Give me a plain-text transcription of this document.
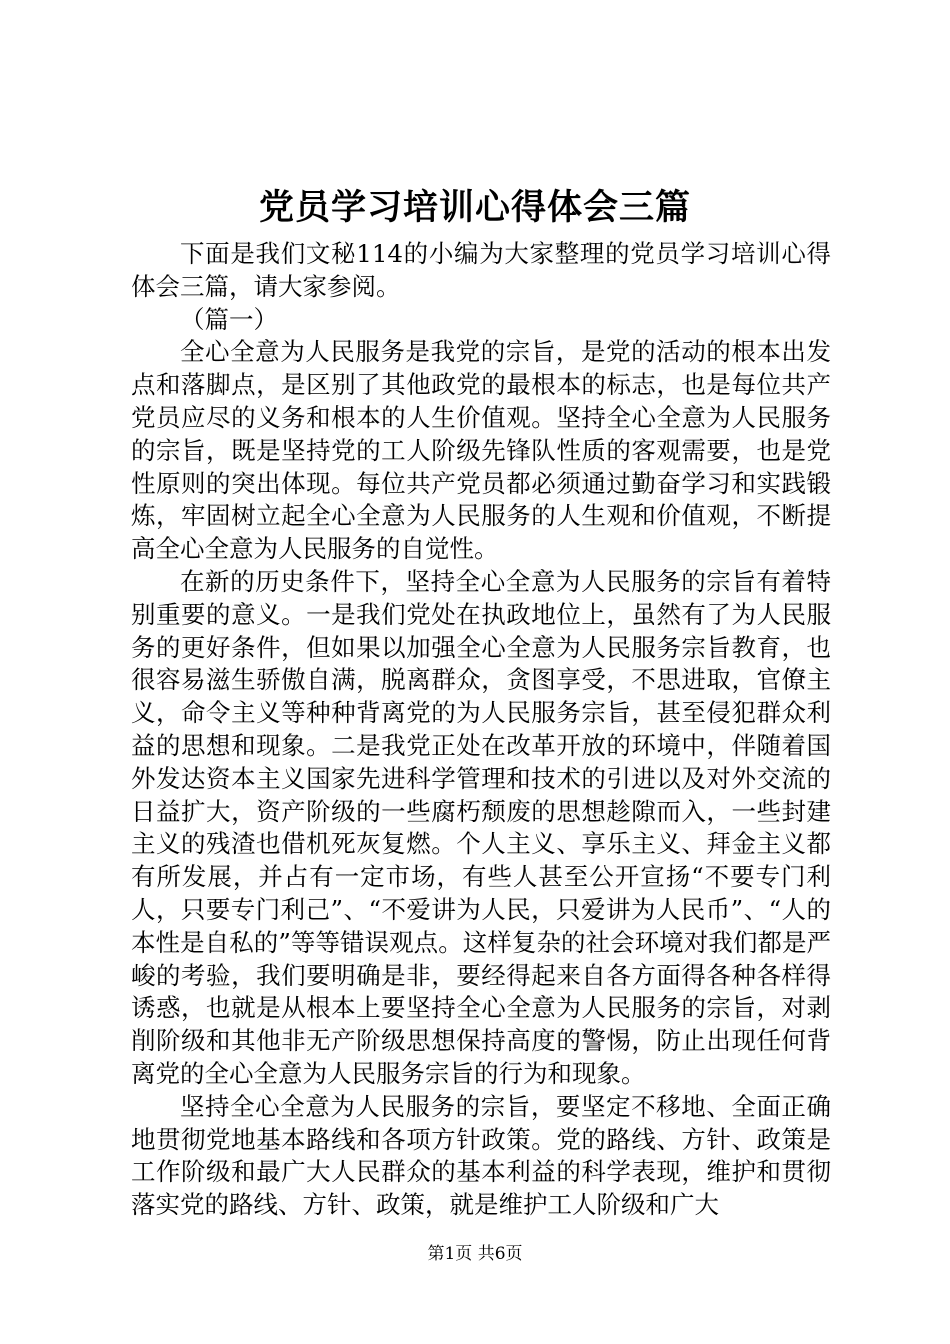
党员学习培训心得体会三篇

下面是我们文秘114的小编为大家整理的党员学习培训心得体会三篇，请大家参阅。

（篇一）

全心全意为人民服务是我党的宗旨，是党的活动的根本出发点和落脚点，是区别了其他政党的最根本的标志，也是每位共产党员应尽的义务和根本的人生价值观。坚持全心全意为人民服务的宗旨，既是坚持党的工人阶级先锋队性质的客观需要，也是党性原则的突出体现。每位共产党员都必须通过勤奋学习和实践锻炼，牢固树立起全心全意为人民服务的人生观和价值观，不断提高全心全意为人民服务的自觉性。

在新的历史条件下，坚持全心全意为人民服务的宗旨有着特别重要的意义。一是我们党处在执政地位上，虽然有了为人民服务的更好条件，但如果以加强全心全意为人民服务宗旨教育，也很容易滋生骄傲自满，脱离群众，贪图享受，不思进取，官僚主义，命令主义等种种背离党的为人民服务宗旨，甚至侵犯群众利益的思想和现象。二是我党正处在改革开放的环境中，伴随着国外发达资本主义国家先进科学管理和技术的引进以及对外交流的日益扩大，资产阶级的一些腐朽颓废的思想趁隙而入，一些封建主义的残渣也借机死灰复燃。个人主义、享乐主义、拜金主义都有所发展，并占有一定市场，有些人甚至公开宣扬“不要专门利人，只要专门利己”、“不爱讲为人民，只爱讲为人民币”、“人的本性是自私的”等等错误观点。这样复杂的社会环境对我们都是严峻的考验，我们要明确是非，要经得起来自各方面得各种各样得诱惑，也就是从根本上要坚持全心全意为人民服务的宗旨，对剥削阶级和其他非无产阶级思想保持高度的警惕，防止出现任何背离党的全心全意为人民服务宗旨的行为和现象。

坚持全心全意为人民服务的宗旨，要坚定不移地、全面正确地贯彻党地基本路线和各项方针政策。党的路线、方针、政策是工作阶级和最广大人民群众的基本利益的科学表现，维护和贯彻落实党的路线、方针、政策，就是维护工人阶级和广大

第1页 共6页
